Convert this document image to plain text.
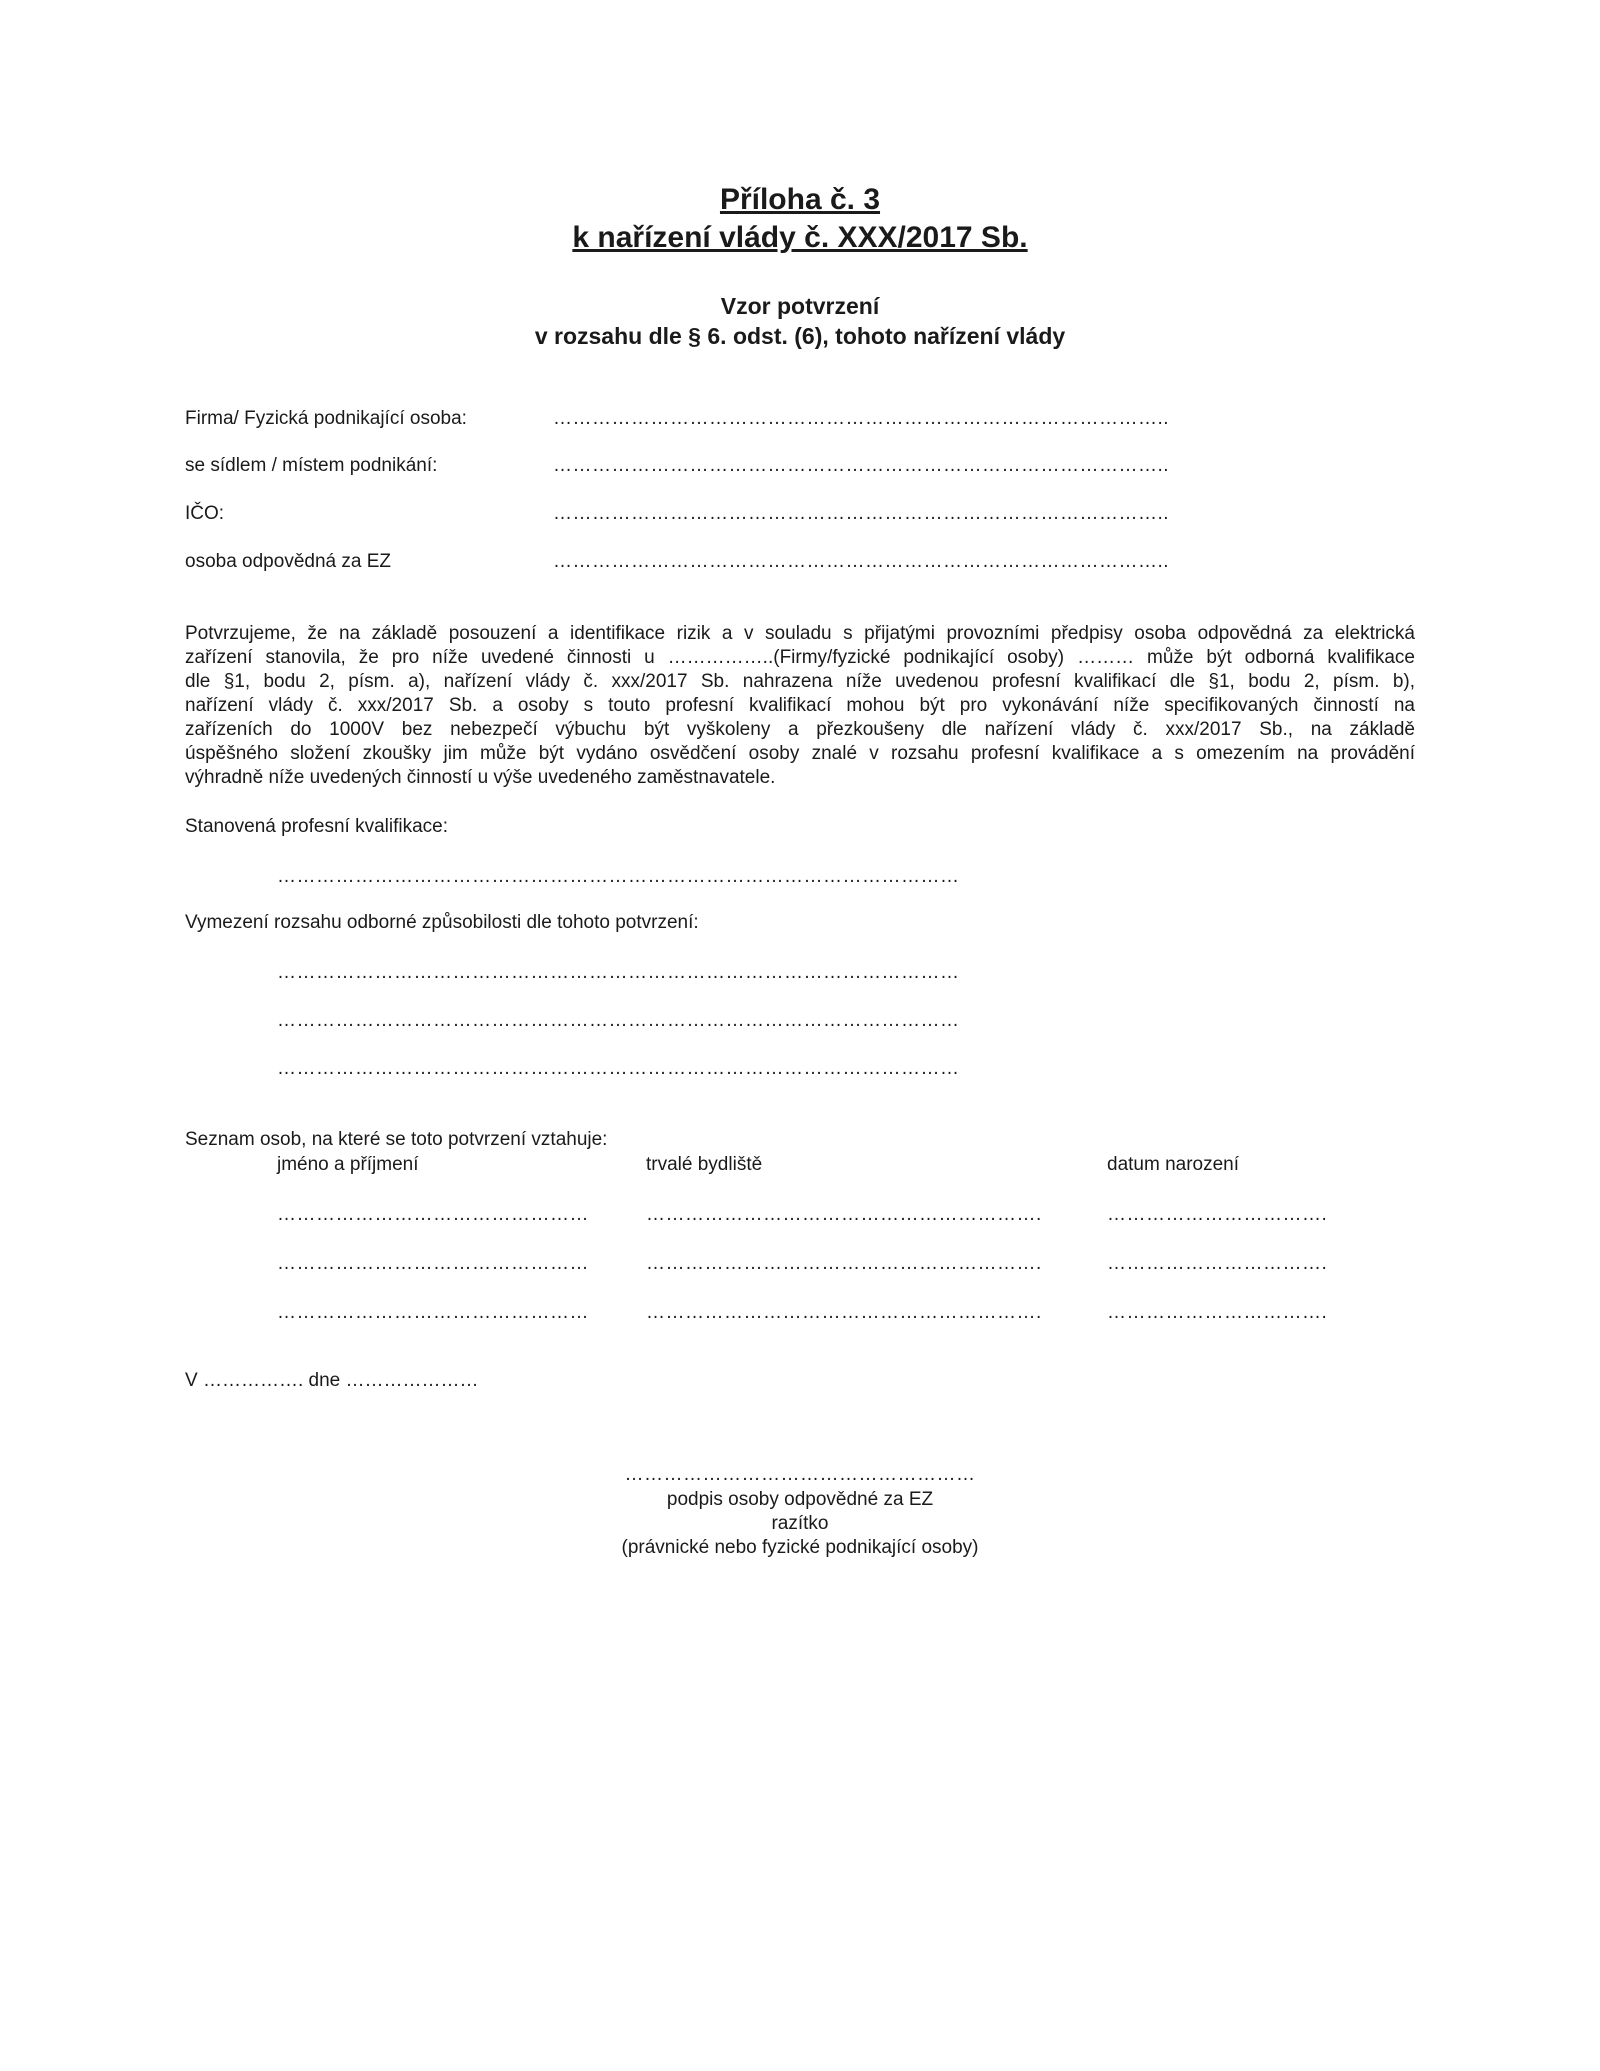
Příloha č. 3
k nařízení vlády č. XXX/2017 Sb.
Vzor potvrzení
v rozsahu dle § 6. odst. (6), tohoto nařízení vlády
Firma/ Fyzická podnikající osoba:	…………………………………………………………………………………..
se sídlem / místem podnikání:	…………………………………………………………………………………..
IČO:	…………………………………………………………………………………..
osoba odpovědná za EZ	…………………………………………………………………………………..
Potvrzujeme, že na základě posouzení a identifikace rizik a v souladu s přijatými provozními předpisy osoba odpovědná za elektrická
zařízení stanovila, že pro níže uvedené činnosti u ……………..(Firmy/fyzické podnikající osoby) ……… může být odborná kvalifikace
dle §1, bodu 2, písm. a), nařízení vlády č. xxx/2017 Sb. nahrazena níže uvedenou profesní kvalifikací dle §1, bodu 2, písm. b),
nařízení vlády č. xxx/2017 Sb. a osoby s touto profesní kvalifikací mohou být pro vykonávání níže specifikovaných činností na
zařízeních do 1000V bez nebezpečí výbuchu být vyškoleny a přezkoušeny dle nařízení vlády č. xxx/2017 Sb., na základě
úspěšného složení zkoušky jim může být vydáno osvědčení osoby znalé v rozsahu profesní kvalifikace a s omezením na provádění
výhradně níže uvedených činností u výše uvedeného zaměstnavatele.
Stanovená profesní kvalifikace:
……………………………………………………………………………………………
Vymezení rozsahu odborné způsobilosti dle tohoto potvrzení:
……………………………………………………………………………………………
……………………………………………………………………………………………
……………………………………………………………………………………………
Seznam osob, na které se toto potvrzení vztahuje:
jméno a příjmení	trvalé bydliště	datum narození
…………………………………………	…………………………………………………….	…………………………….
…………………………………………	…………………………………………………….	…………………………….
…………………………………………	…………………………………………………….	…………………………….
V ……………. dne …………………
………………………………………………
podpis osoby odpovědné za EZ
razítko
(právnické nebo fyzické podnikající osoby)
